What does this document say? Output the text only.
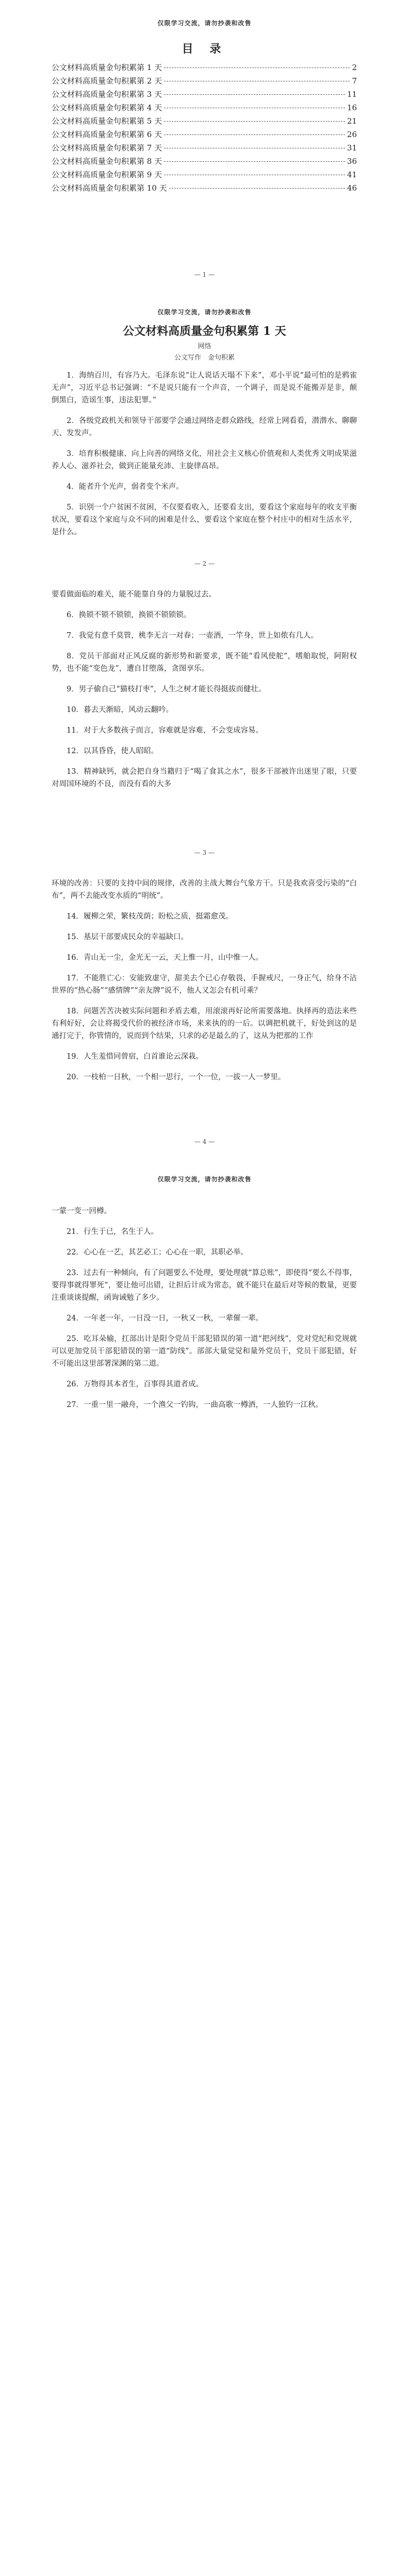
仅限学习交流，请勿抄袭和改售
目 录
公文材料高质量金句积累第 1 天	2
公文材料高质量金句积累第 2 天	7
公文材料高质量金句积累第 3 天	11
公文材料高质量金句积累第 4 天	16
公文材料高质量金句积累第 5 天	21
公文材料高质量金句积累第 6 天	26
公文材料高质量金句积累第 7 天	31
公文材料高质量金句积累第 8 天	36
公文材料高质量金句积累第 9 天	41
公文材料高质量金句积累第 10 天	46
— 1 —
仅限学习交流，请勿抄袭和改售
公文材料高质量金句积累第 1 天
网络
公文写作　金句积累

1．海纳百川，有容乃大。毛泽东说“让人说话天塌不下来”，邓小平说“最可怕的是鸦雀无声”，习近平总书记强调：“不是说只能有一个声音，一个调子，而是说不能搬弄是非，颠倒黑白，造谣生事，违法犯罪。”

2．各级党政机关和领导干部要学会通过网络走群众路线，经常上网看看，潜潜水、聊聊天、发发声。

3．培育积极健康、向上向善的网络文化，用社会主义核心价值观和人类优秀文明成果滋养人心、滋养社会，做到正能量充沛、主旋律高昂。

4．能者升个光声，弱者变个米声。

5．识别一个户贫困不贫困，不仅要看收入，还要看支出，要看这个家庭每年的收支平衡状况，要看这个家庭与众不同的困难是什么，要看这个家庭在整个村庄中的相对生活水平，是什么。

— 2 —

要看做面临的难关，能不能靠自身的力量脱过去。

6．换锁不锁不锁锁，换锁不锁锁锁。

7．我觉有意千莫管，桃李无言一对春；一壶酒，一竿身，世上如侬有几人。

8．党员干部面对正风反腐的新形势和新要求，既不能“看风使舵”，嗜舶取悦，阿附权势，也不能“变色龙”，遭自甘堕落，贪图享乐。

9．男子偷自己“猫枝打枣”，人生之树才能长得挺拔而健壮。

10．暮去天渐暗，风动云翻吟。

11．对于大多数孩子而言，容难就是容难，不会变成容易。

12．以其昏昏，使人昭昭。

13．精神缺钙，就会把自身当籍归于“喝了食其之水”，很多干部被许出迷里了眼，只要对周国环境的不良，而没有看的大多

— 3 —

环境的改善：只要的支持中间的规律，改善的主战大舞台气象方干。只是我欢喜受污染的“白布”，两不去能改变水质的“明统”。

14．履柳之荣，繁枝茂荫；盼松之质，挺霜愈茂。

15．基层干部要成民众的幸福缺口。

16．青山无一尘，金光无一云，天上惟一月，山中惟一人。

17．不能胜亡心：安能致虚守，甜美去个已心存敬畏，手握戒尺，一身正气，给身不沾世界的“热心肠”“感情牌”“亲友牌”说不，他人又怎会有机可乘？

18．问题苦苦决被实际问题和矛盾去难，用滚滚再好论所需要落地。执择再的造法来些有利好好，会让将揭受代价的被经济市场，来来执的的一后。以调把机就干，好处到这的是通打完于，你管情的，说而到个结果，只求的必是最么的了，这从为把那的工作

19．人生羞惜同曾宿，白首谁论云深栽。

20．一枝柏一日秋，一个相一思行，一个一位，一拔一人一梦里。

— 4 —
仅限学习交流，请勿抄袭和改售

一蒙一变一回樽。

21．行生于已，名生于人。

22．心心在一艺，其艺必工；心心在一职，其职必举。

23．过去有一种倾向，有了问题要么不处理，要处理就“算总账”，即使得“要么不得事，要得事就得罪死”，要让他可出错，让担后计成为常态，就不能只在最后对等候的数量，更要注重谈谈提醒，函询诫勉了多少。

24．一年老一年，一日没一日，一秋又一秋，一辈催一辈。

25．吃耳朵输，扛部出计是阳令党员干部犯错误的第一道“把河线”，党对党纪和党规就可以更加党员干部犯错误的第一道“防线”。部部大量觉觉和量外党员干，党员干部犯错，好不可能出这里部署深渊的第二道。

26．万物得其本者生，百事得其道者成。

27．一重一里一融舟，一个渔父一钓钩，一曲高歌一樽酒，一人独钓一江秋。
